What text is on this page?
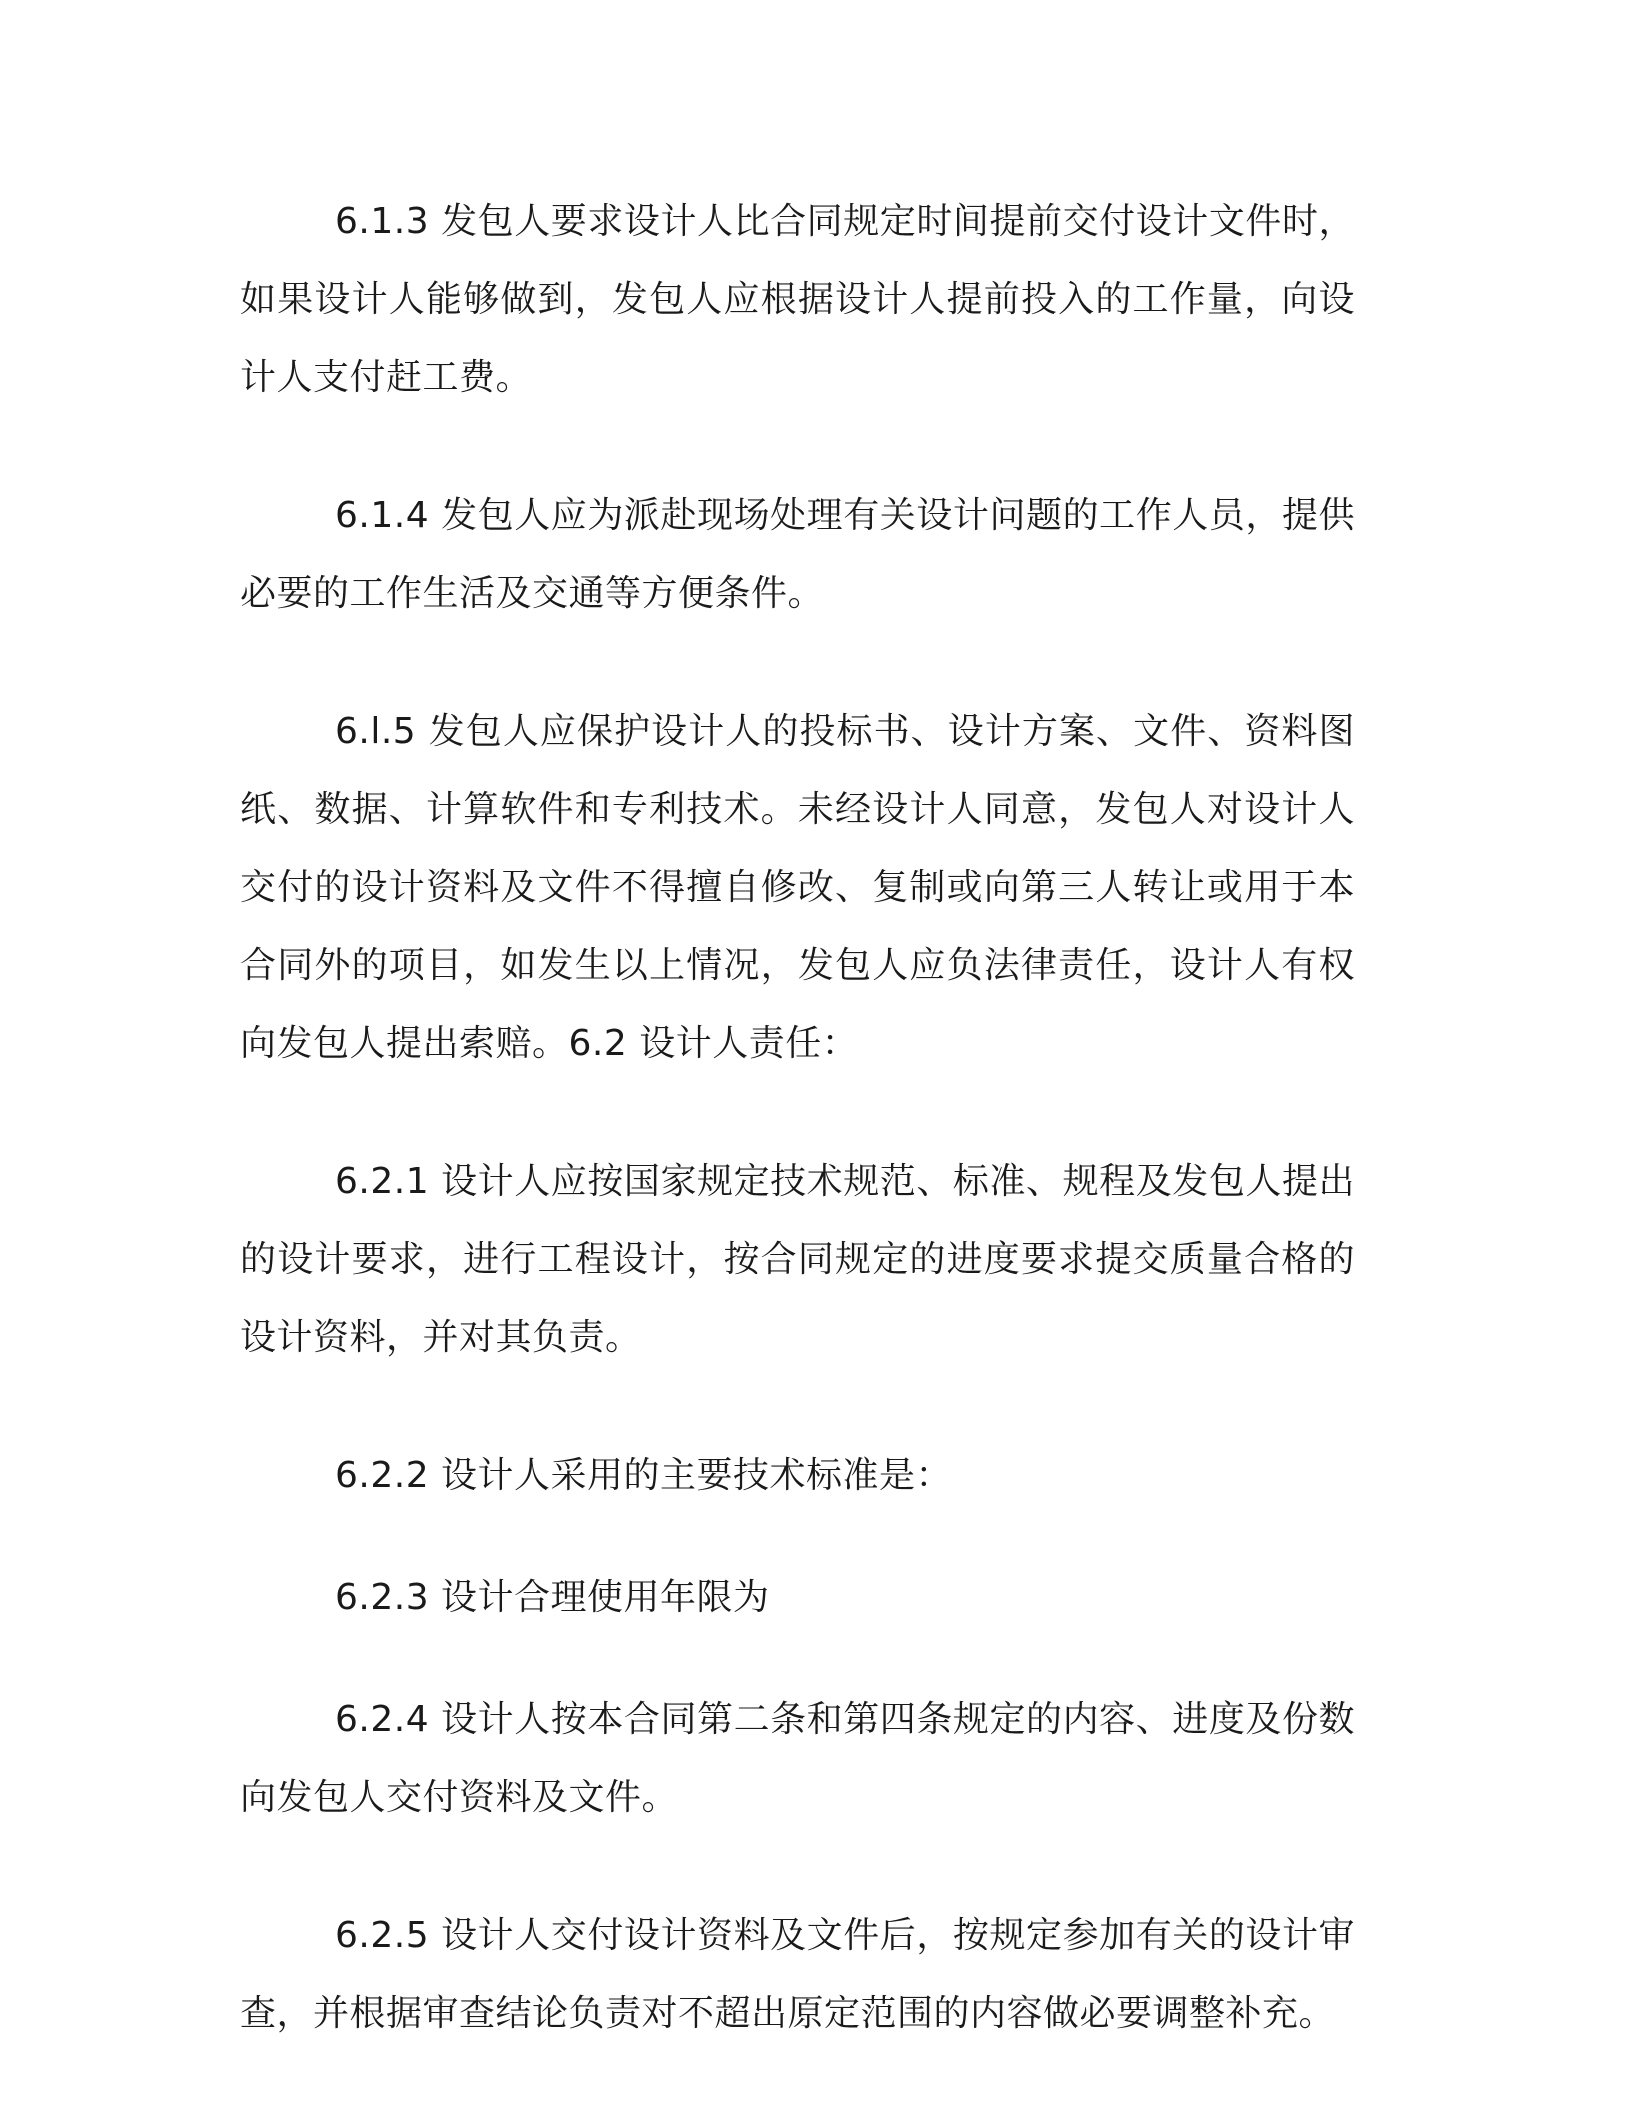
6.1.3 发包人要求设计人比合同规定时间提前交付设计文件时，如果设计人能够做到，发包人应根据设计人提前投入的工作量，向设计人支付赶工费。

6.1.4 发包人应为派赴现场处理有关设计问题的工作人员，提供必要的工作生活及交通等方便条件。

6.l.5 发包人应保护设计人的投标书、设计方案、文件、资料图纸、数据、计算软件和专利技术。未经设计人同意，发包人对设计人交付的设计资料及文件不得擅自修改、复制或向第三人转让或用于本合同外的项目，如发生以上情况，发包人应负法律责任，设计人有权向发包人提出索赔。6.2 设计人责任：

6.2.1 设计人应按国家规定技术规范、标准、规程及发包人提出的设计要求，进行工程设计，按合同规定的进度要求提交质量合格的设计资料，并对其负责。

6.2.2 设计人采用的主要技术标准是：

6.2.3 设计合理使用年限为

6.2.4 设计人按本合同第二条和第四条规定的内容、进度及份数向发包人交付资料及文件。

6.2.5 设计人交付设计资料及文件后，按规定参加有关的设计审查，并根据审查结论负责对不超出原定范围的内容做必要调整补充。
